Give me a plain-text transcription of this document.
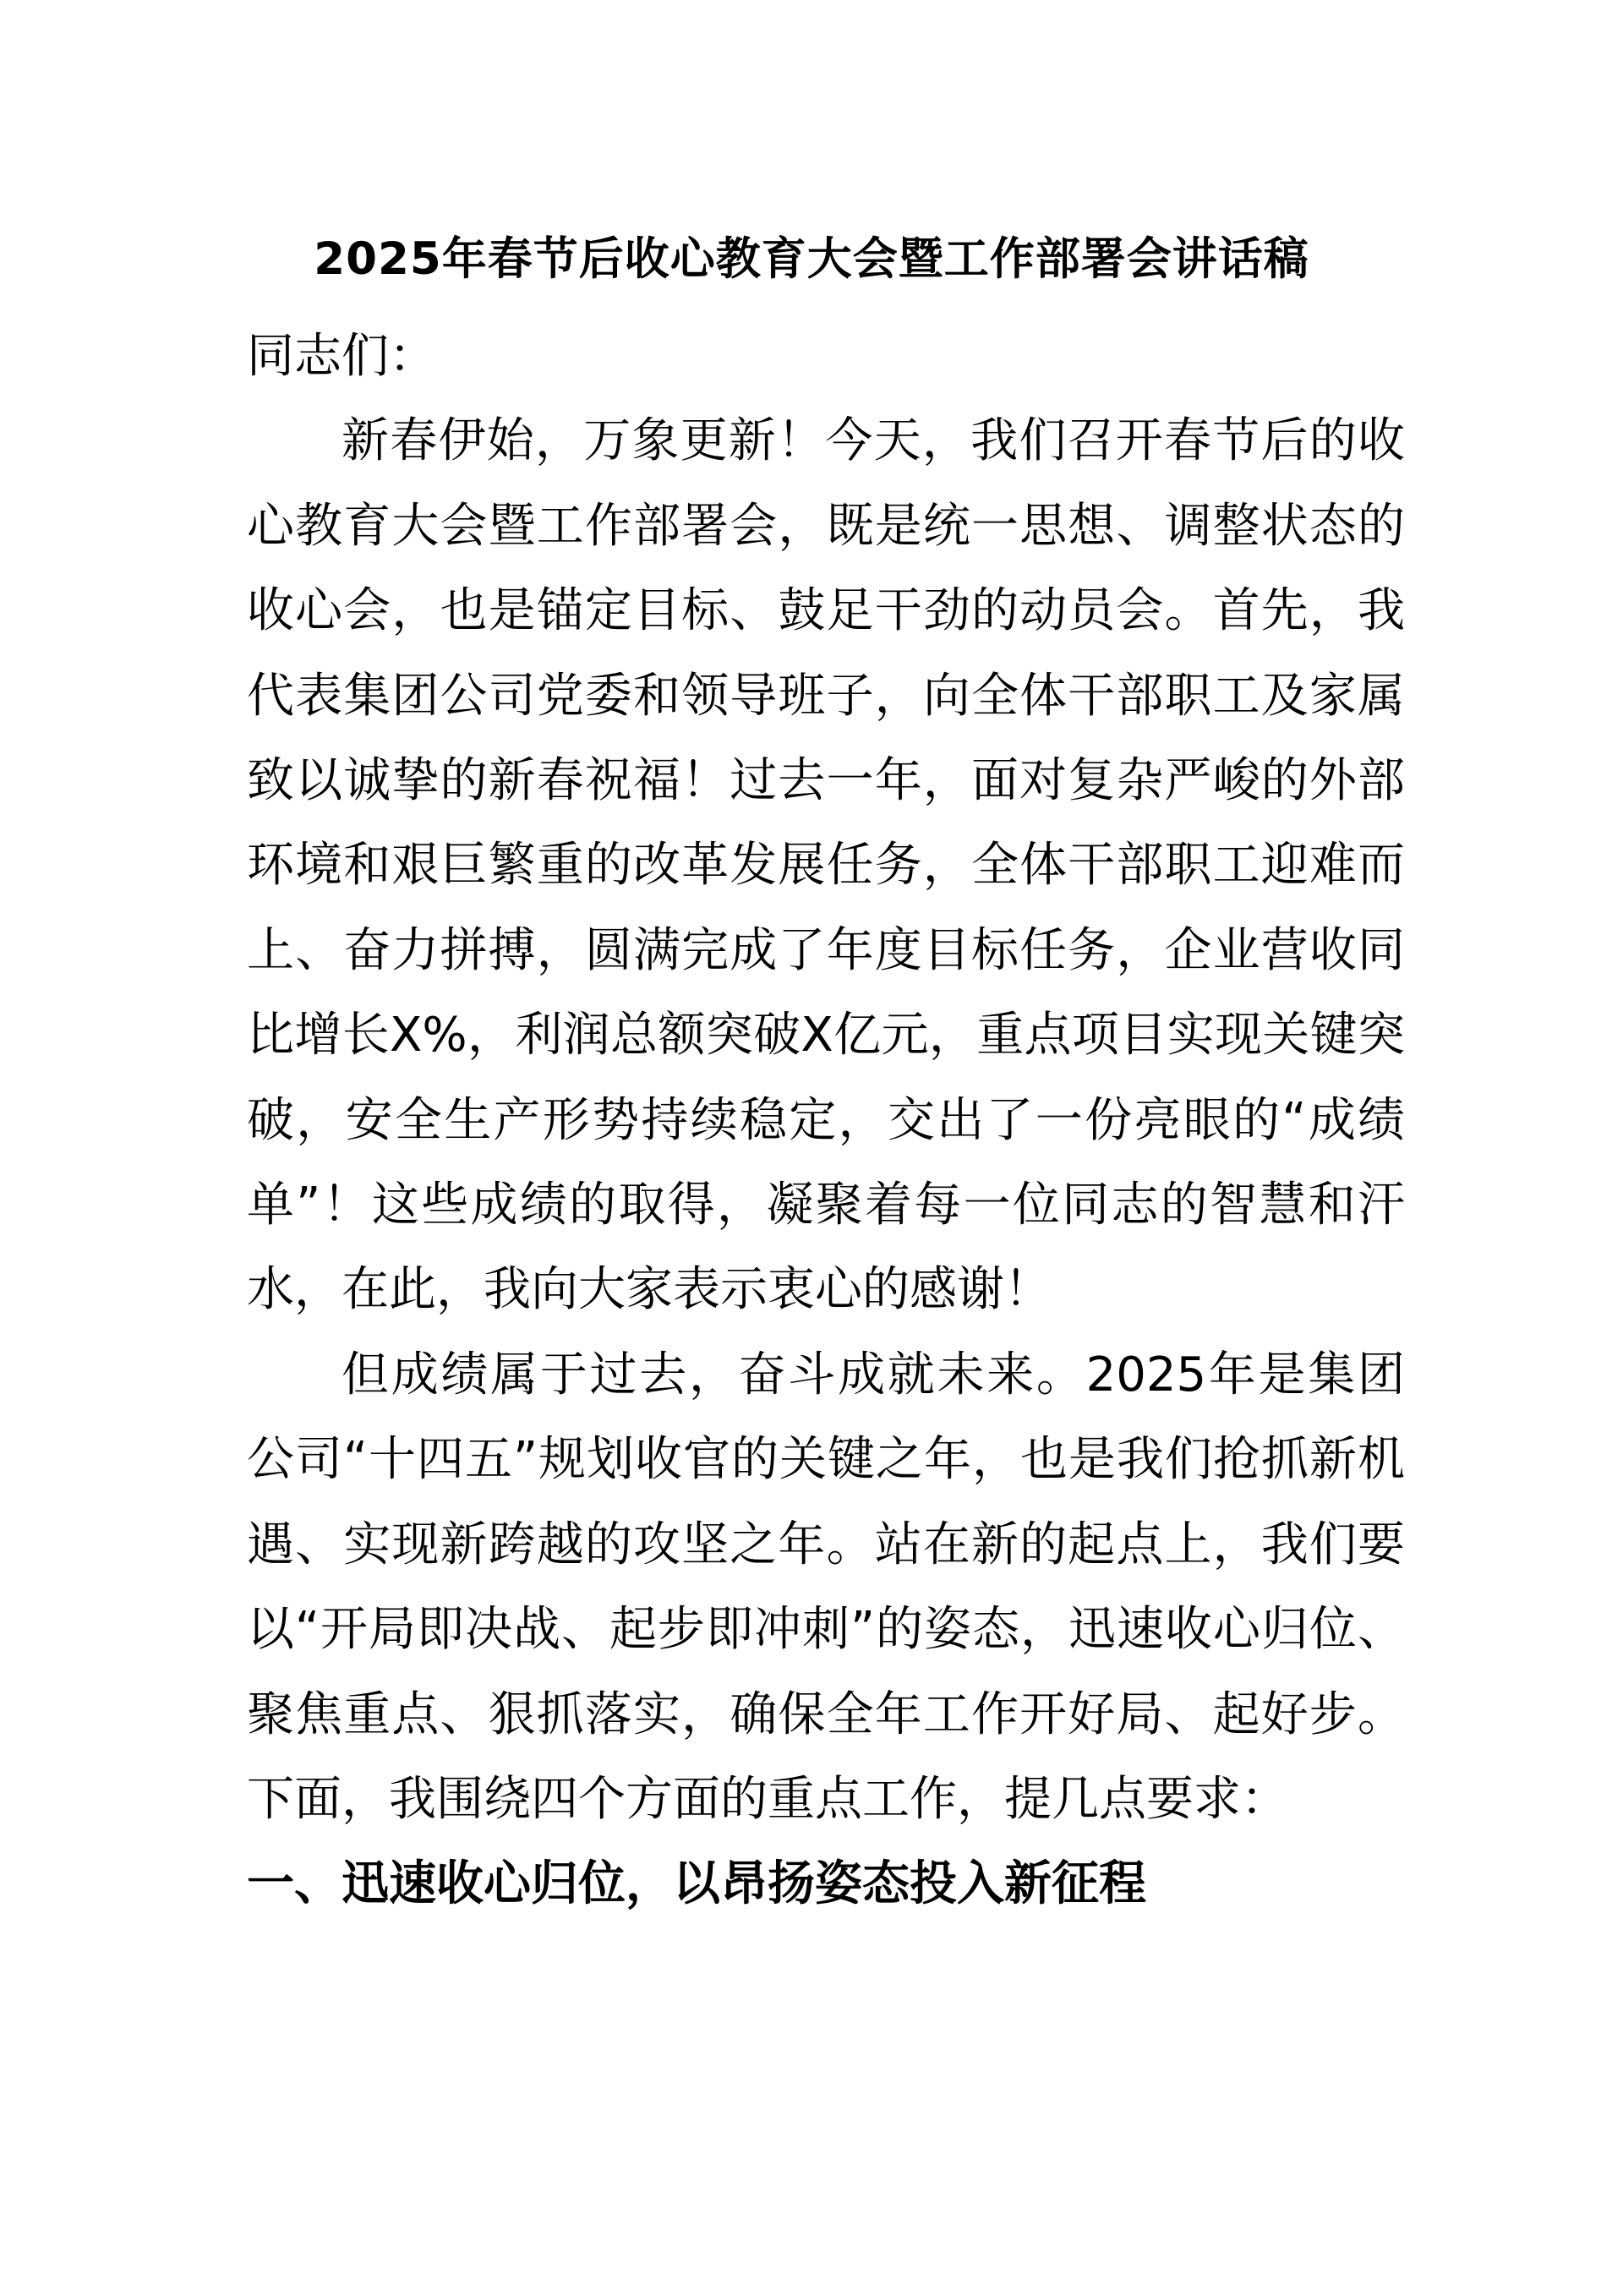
2025年春节后收心教育大会暨工作部署会讲话稿

同志们：

新春伊始，万象更新！今天，我们召开春节后的收心教育大会暨工作部署会，既是统一思想、调整状态的收心会，也是锚定目标、鼓足干劲的动员会。首先，我代表集团公司党委和领导班子，向全体干部职工及家属致以诚挚的新春祝福！过去一年，面对复杂严峻的外部环境和艰巨繁重的改革发展任务，全体干部职工迎难而上、奋力拼搏，圆满完成了年度目标任务，企业营收同比增长X%，利润总额突破X亿元，重点项目实现关键突破，安全生产形势持续稳定，交出了一份亮眼的“成绩单”！这些成绩的取得，凝聚着每一位同志的智慧和汗水，在此，我向大家表示衷心的感谢！

但成绩属于过去，奋斗成就未来。2025年是集团公司“十四五”规划收官的关键之年，也是我们抢抓新机遇、实现新跨越的攻坚之年。站在新的起点上，我们要以“开局即决战、起步即冲刺”的姿态，迅速收心归位、聚焦重点、狠抓落实，确保全年工作开好局、起好步。下面，我围绕四个方面的重点工作，提几点要求：

一、迅速收心归位，以昂扬姿态投入新征程
